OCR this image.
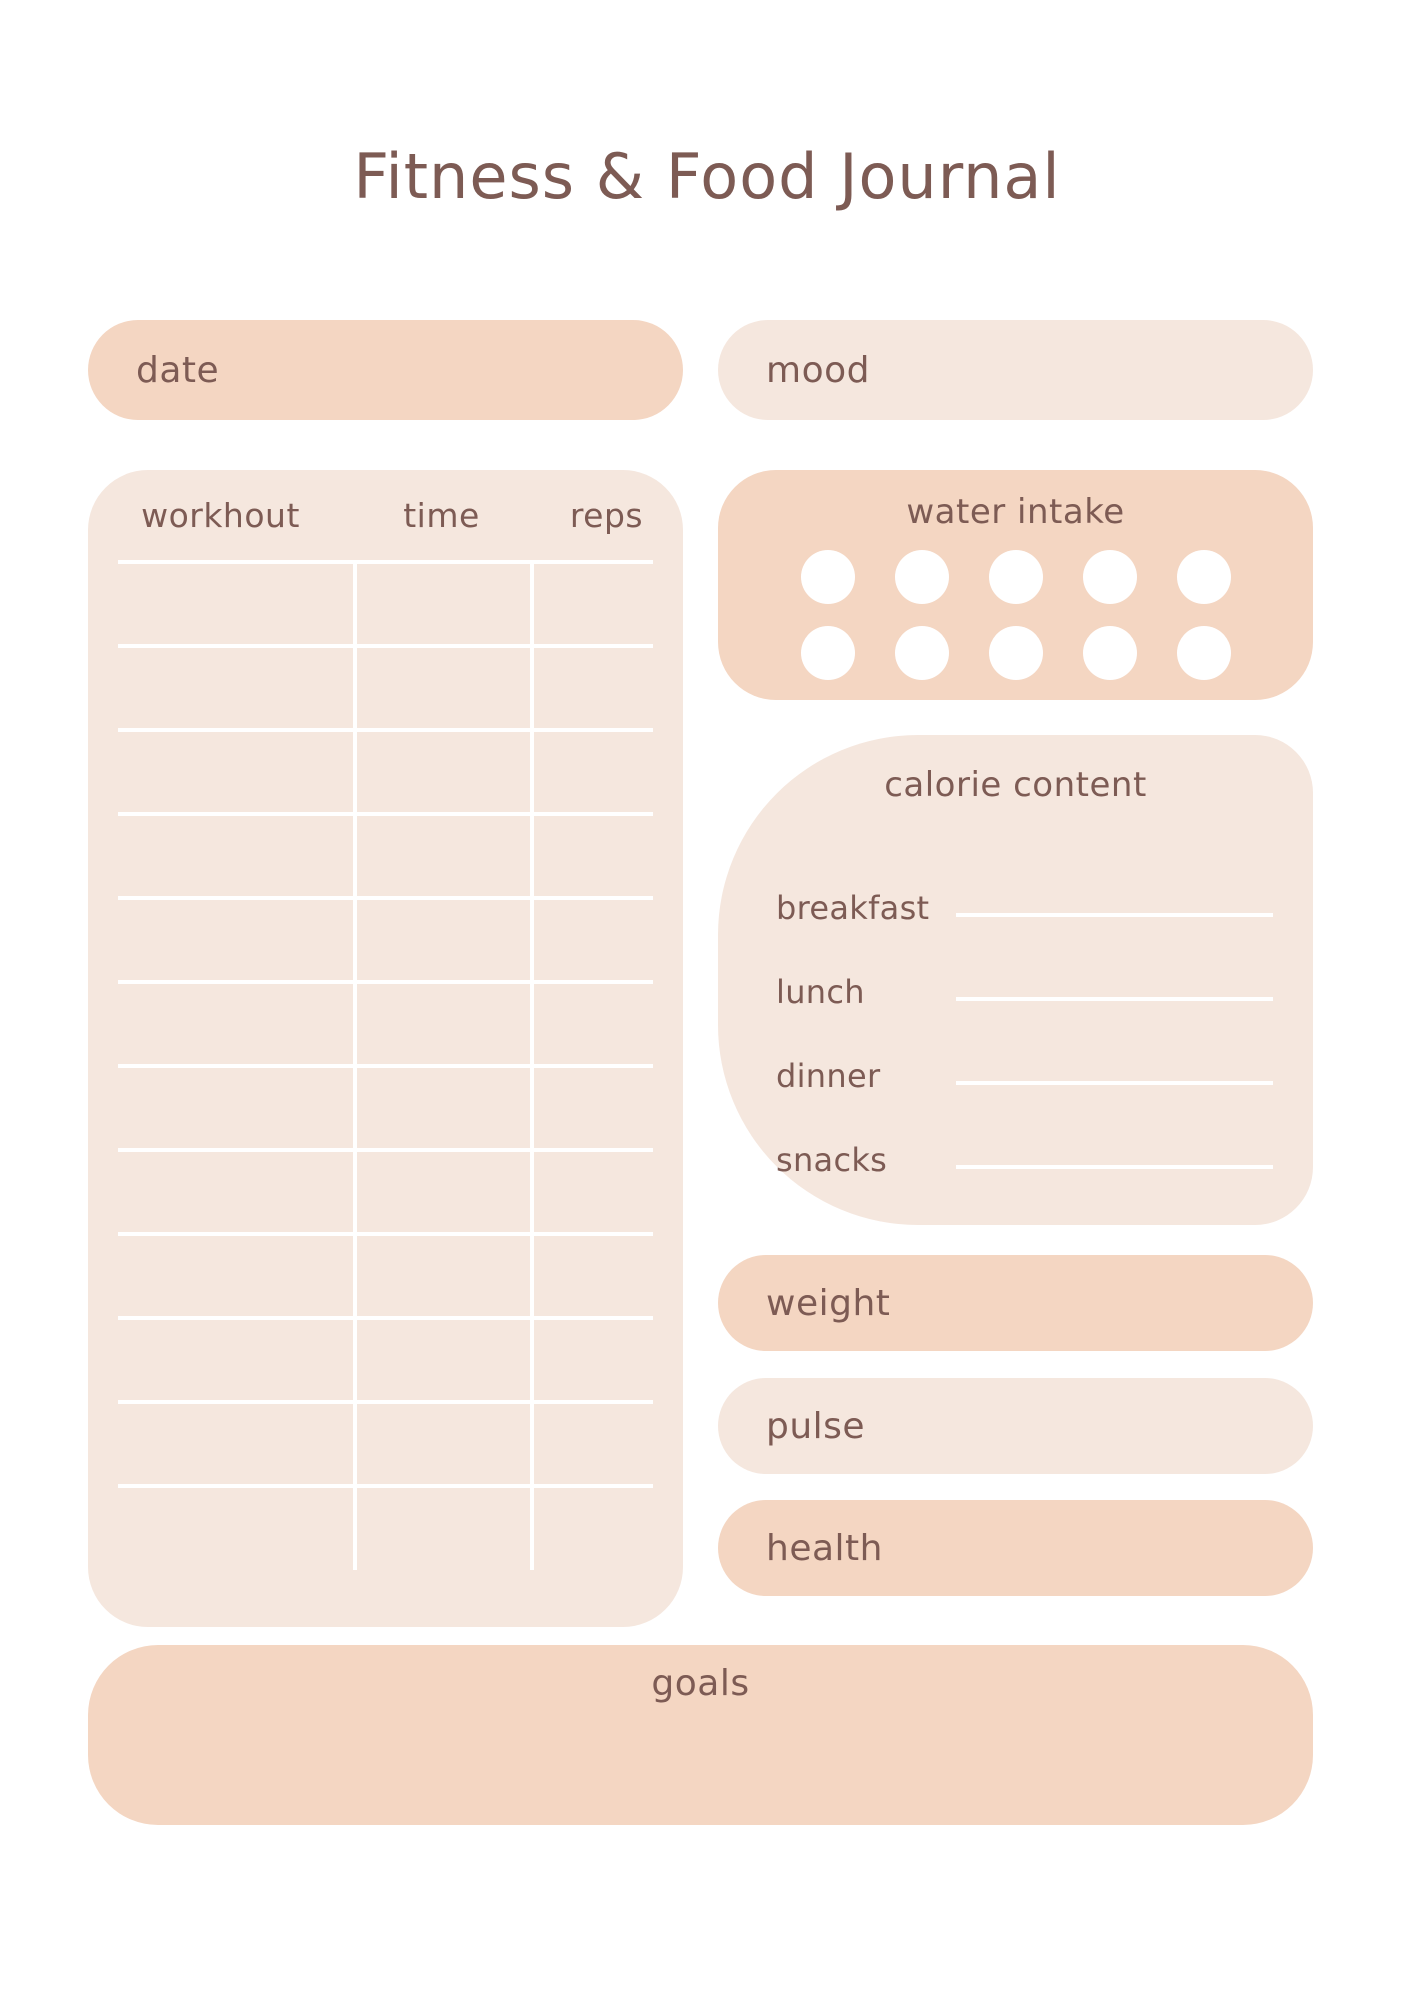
Fitness & Food Journal
date	mood
workhout	time	reps	water intake
calorie content
breakfast
lunch
dinner
snacks
weight
pulse
health
goals
